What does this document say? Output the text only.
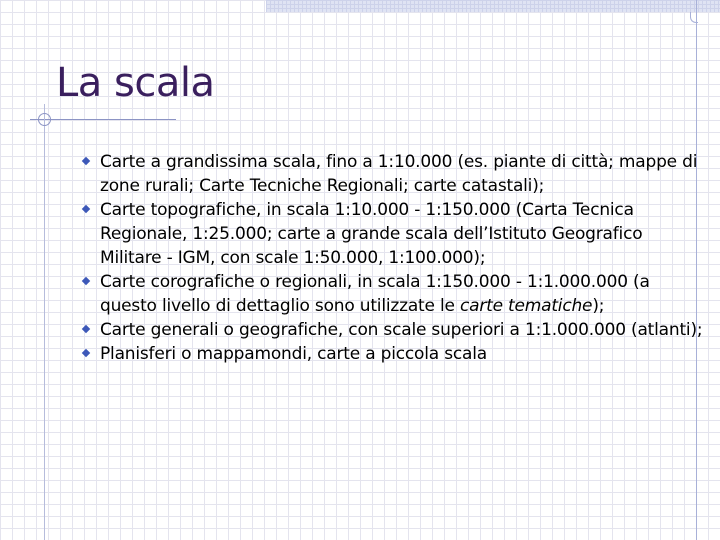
La scala
Carte a grandissima scala, fino a 1:10.000 (es. piante di città; mappe di zone rurali; Carte Tecniche Regionali; carte catastali);
Carte topografiche, in scala 1:10.000 - 1:150.000 (Carta Tecnica Regionale, 1:25.000; carte a grande scala dell’Istituto Geografico Militare - IGM, con scale 1:50.000, 1:100.000);
Carte corografiche o regionali, in scala 1:150.000 - 1:1.000.000 (a questo livello di dettaglio sono utilizzate le carte tematiche);
Carte generali o geografiche, con scale superiori a 1:1.000.000 (atlanti);
Planisferi o mappamondi, carte a piccola scala
